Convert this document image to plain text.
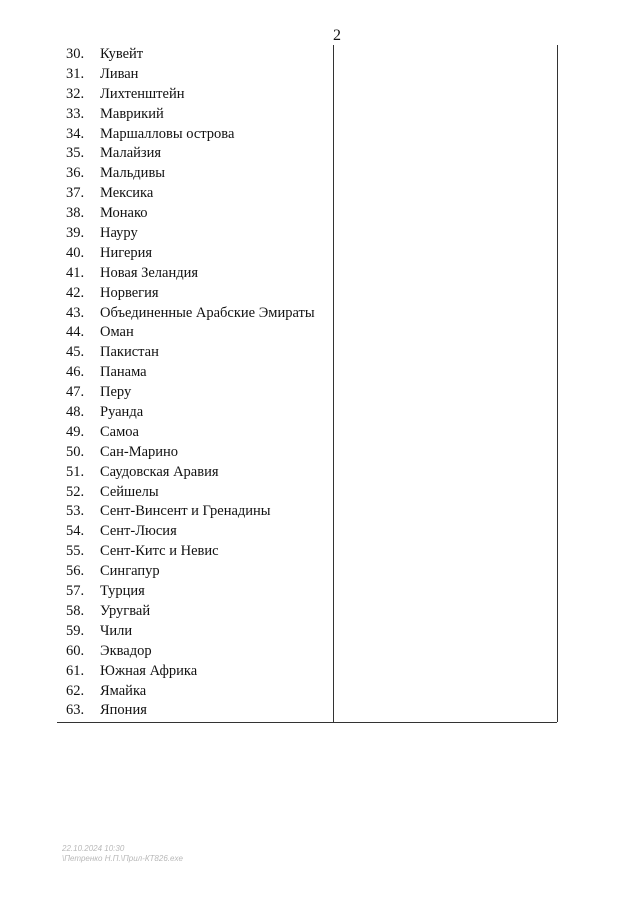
2
30.	Кувейт
31.	Ливан
32.	Лихтенштейн
33.	Маврикий
34.	Маршалловы острова
35.	Малайзия
36.	Мальдивы
37.	Мексика
38.	Монако
39.	Науру
40.	Нигерия
41.	Новая Зеландия
42.	Норвегия
43.	Объединенные Арабские Эмираты
44.	Оман
45.	Пакистан
46.	Панама
47.	Перу
48.	Руанда
49.	Самоа
50.	Сан-Марино
51.	Саудовская Аравия
52.	Сейшелы
53.	Сент-Винсент и Гренадины
54.	Сент-Люсия
55.	Сент-Китс и Невис
56.	Сингапур
57.	Турция
58.	Уругвай
59.	Чили
60.	Эквадор
61.	Южная Африка
62.	Ямайка
63.	Япония
22.10.2024 10:30
\Петренко Н.П.\Прил-КТ826.exe
